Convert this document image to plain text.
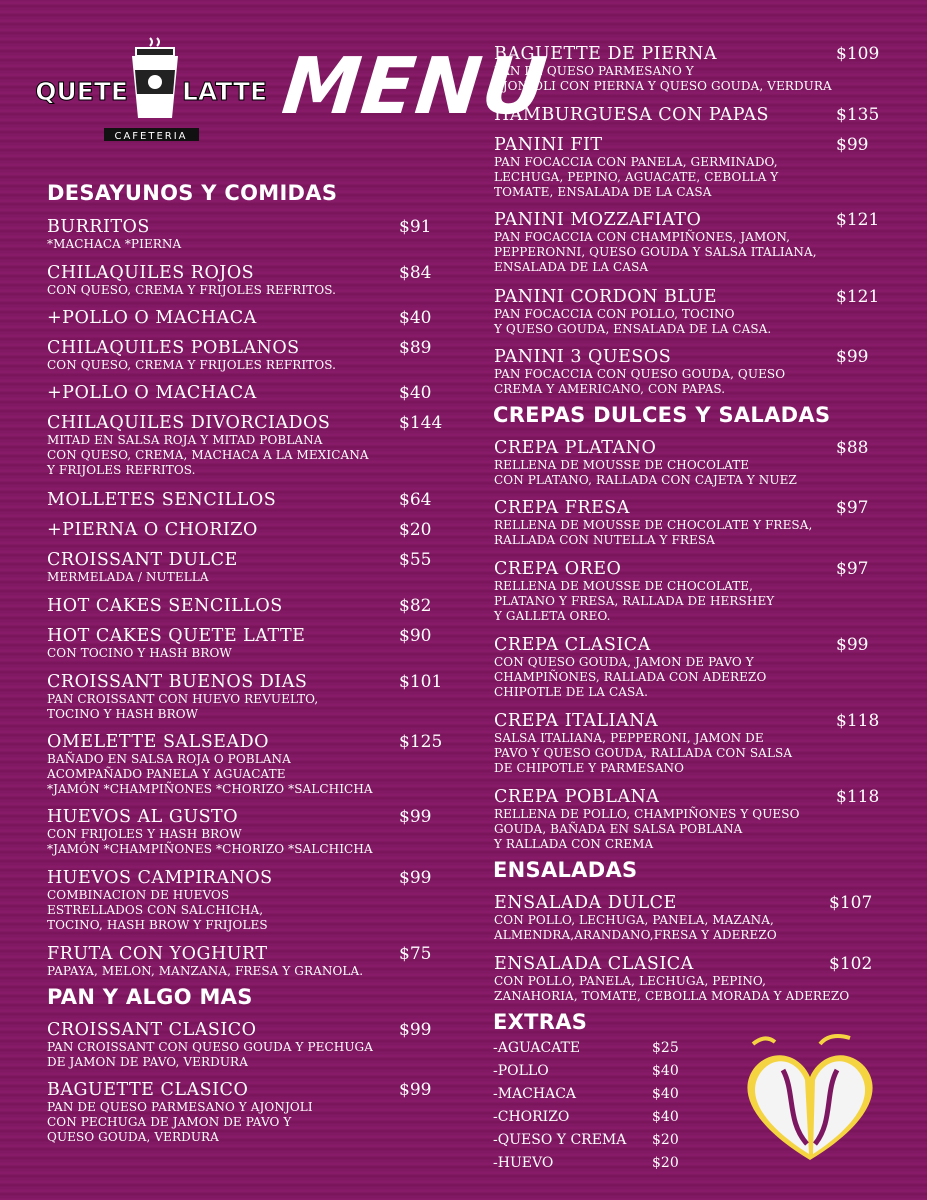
QUETE LATTE
CAFETERIA
MENU
DESAYUNOS Y COMIDAS
BURRITOS	$91
*MACHACA *PIERNA
CHILAQUILES ROJOS	$84
CON QUESO, CREMA Y FRIJOLES REFRITOS.
+POLLO O MACHACA	$40
CHILAQUILES POBLANOS	$89
CON QUESO, CREMA Y FRIJOLES REFRITOS.
+POLLO O MACHACA	$40
CHILAQUILES DIVORCIADOS	$144
MITAD EN SALSA ROJA Y MITAD POBLANA
CON QUESO, CREMA, MACHACA A LA MEXICANA
Y FRIJOLES REFRITOS.
MOLLETES SENCILLOS	$64
+PIERNA O CHORIZO	$20
CROISSANT DULCE	$55
MERMELADA / NUTELLA
HOT CAKES SENCILLOS	$82
HOT CAKES QUETE LATTE	$90
CON TOCINO Y HASH BROW
CROISSANT BUENOS DIAS	$101
PAN CROISSANT CON HUEVO REVUELTO,
TOCINO Y HASH BROW
OMELETTE SALSEADO	$125
BAÑADO EN SALSA ROJA O POBLANA
ACOMPAÑADO PANELA Y AGUACATE
*JAMÓN *CHAMPIÑONES *CHORIZO *SALCHICHA
HUEVOS AL GUSTO	$99
CON FRIJOLES Y HASH BROW
*JAMÓN *CHAMPIÑONES *CHORIZO *SALCHICHA
HUEVOS CAMPIRANOS	$99
COMBINACION DE HUEVOS
ESTRELLADOS CON SALCHICHA,
TOCINO, HASH BROW Y FRIJOLES
FRUTA CON YOGHURT	$75
PAPAYA, MELON, MANZANA, FRESA Y GRANOLA.
PAN Y ALGO MAS
CROISSANT CLASICO	$99
PAN CROISSANT CON QUESO GOUDA Y PECHUGA
DE JAMON DE PAVO, VERDURA
BAGUETTE CLASICO	$99
PAN DE QUESO PARMESANO Y AJONJOLI
CON PECHUGA DE JAMON DE PAVO Y
QUESO GOUDA, VERDURA
BAGUETTE DE PIERNA	$109
PAN DE QUESO PARMESANO Y
AJONJOLI CON PIERNA Y QUESO GOUDA, VERDURA
HAMBURGUESA CON PAPAS	$135
PANINI FIT	$99
PAN FOCACCIA CON PANELA, GERMINADO,
LECHUGA, PEPINO, AGUACATE, CEBOLLA Y
TOMATE, ENSALADA DE LA CASA
PANINI MOZZAFIATO	$121
PAN FOCACCIA CON CHAMPIÑONES, JAMON,
PEPPERONNI, QUESO GOUDA Y SALSA ITALIANA,
ENSALADA DE LA CASA
PANINI CORDON BLUE	$121
PAN FOCACCIA CON POLLO, TOCINO
Y QUESO GOUDA, ENSALADA DE LA CASA.
PANINI 3 QUESOS	$99
PAN FOCACCIA CON QUESO GOUDA, QUESO
CREMA Y AMERICANO, CON PAPAS.
CREPAS DULCES Y SALADAS
CREPA PLATANO	$88
RELLENA DE MOUSSE DE CHOCOLATE
CON PLATANO, RALLADA CON CAJETA Y NUEZ
CREPA FRESA	$97
RELLENA DE MOUSSE DE CHOCOLATE Y FRESA,
RALLADA CON NUTELLA Y FRESA
CREPA OREO	$97
RELLENA DE MOUSSE DE CHOCOLATE,
PLATANO Y FRESA, RALLADA DE HERSHEY
Y GALLETA OREO.
CREPA CLASICA	$99
CON QUESO GOUDA, JAMON DE PAVO Y
CHAMPIÑONES, RALLADA CON ADEREZO
CHIPOTLE DE LA CASA.
CREPA ITALIANA	$118
SALSA ITALIANA, PEPPERONI, JAMON DE
PAVO Y QUESO GOUDA, RALLADA CON SALSA
DE CHIPOTLE Y PARMESANO
CREPA POBLANA	$118
RELLENA DE POLLO, CHAMPIÑONES Y QUESO
GOUDA, BAÑADA EN SALSA POBLANA
Y RALLADA CON CREMA
ENSALADAS
ENSALADA DULCE	$107
CON POLLO, LECHUGA, PANELA, MAZANA,
ALMENDRA,ARANDANO,FRESA Y ADEREZO
ENSALADA CLASICA	$102
CON POLLO, PANELA, LECHUGA, PEPINO,
ZANAHORIA, TOMATE, CEBOLLA MORADA Y ADEREZO
EXTRAS
-AGUACATE	$25
-POLLO	$40
-MACHACA	$40
-CHORIZO	$40
-QUESO Y CREMA $20
-HUEVO	$20
